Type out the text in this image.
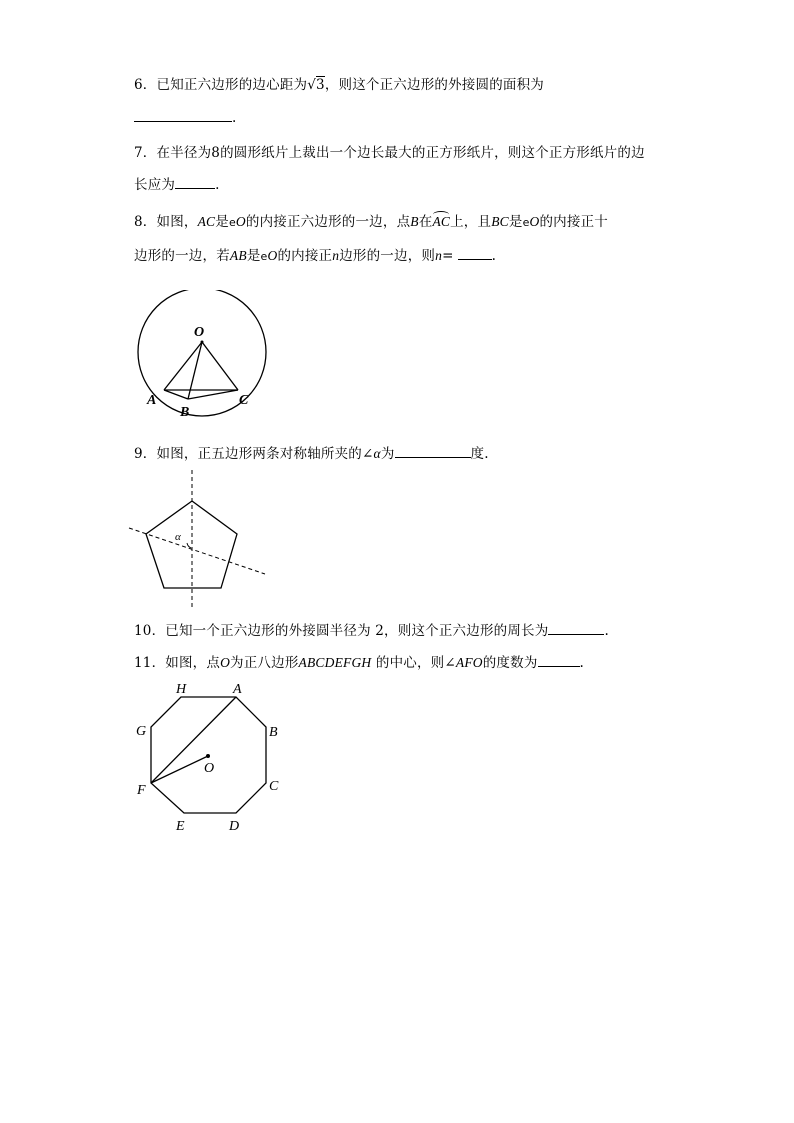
6．已知正六边形的边心距为√3，则这个正六边形的外接圆的面积为
.
7．在半径为8的圆形纸片上裁出一个边长最大的正方形纸片，则这个正方形纸片的边
长应为	.
8．如图，AC是eO的内接正六边形的一边，点B在AC
上，且BC是eO的内接正十
边形的一边，若AB是eO的内接正n边形的一边，则n=	.
O
A
B
C
9．如图，正五边形两条对称轴所夹的∠α为	度.
α
10．已知一个正六边形的外接圆半径为 2，则这个正六边形的周长为	.
11．如图，点O为正八边形ABCDEFGH 的中心，则∠AFO的度数为	.
H	A
B
C
D
E
F
G
O
